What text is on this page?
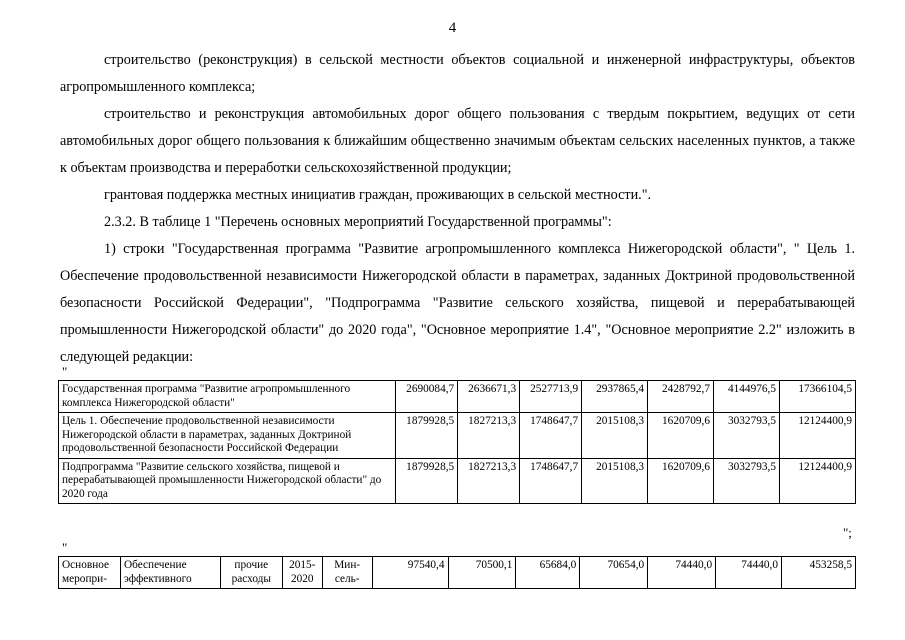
4
строительство (реконструкция) в сельской местности объектов социальной и инженерной инфраструктуры, объектов агропромышленного комплекса;
строительство и реконструкция автомобильных дорог общего пользования с твердым покрытием, ведущих от сети автомобильных дорог общего пользования к ближайшим общественно значимым объектам сельских населенных пунктов, а также к объектам производства и переработки сельскохозяйственной продукции;
грантовая поддержка местных инициатив граждан, проживающих в сельской местности.".
2.3.2. В таблице 1 "Перечень основных мероприятий Государственной программы":
1) строки "Государственная программа "Развитие агропромышленного комплекса Нижегородской области", " Цель 1. Обеспечение продовольственной независимости Нижегородской области в параметрах, заданных Доктриной продовольственной безопасности Российской Федерации", "Подпрограмма "Развитие сельского хозяйства, пищевой и перерабатывающей промышленности Нижегородской области" до 2020 года", "Основное мероприятие 1.4", "Основное мероприятие 2.2" изложить в следующей редакции:
"
Государственная программа "Развитие агропромышленного комплекса Нижегородской области"	2690084,7	2636671,3	2527713,9	2937865,4	2428792,7	4144976,5	17366104,5
Цель 1. Обеспечение продовольственной независимости Нижегородской области в параметрах, заданных Доктриной продовольственной безопасности Российской Федерации	1879928,5	1827213,3	1748647,7	2015108,3	1620709,6	3032793,5	12124400,9
Подпрограмма "Развитие сельского хозяйства, пищевой и перерабатывающей промышленности Нижегородской области" до 2020 года	1879928,5	1827213,3	1748647,7	2015108,3	1620709,6	3032793,5	12124400,9
";
"
Основное меропри-	Обеспечение эффективного	прочие расходы	2015-2020	Мин-сель-	97540,4	70500,1	65684,0	70654,0	74440,0	74440,0	453258,5
